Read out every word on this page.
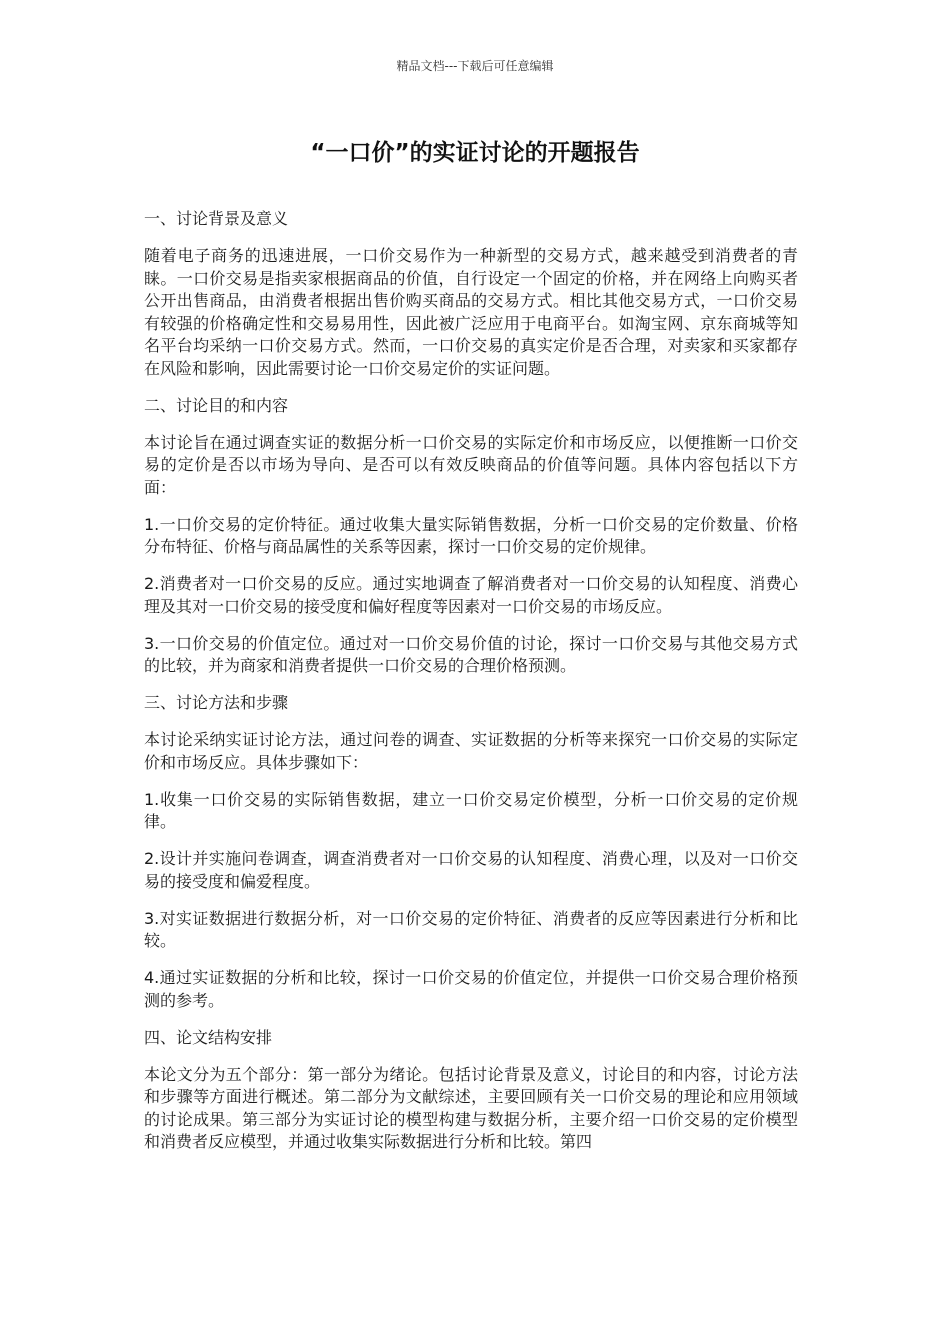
精品文档---下载后可任意编辑
“一口价”的实证讨论的开题报告

一、讨论背景及意义

随着电子商务的迅速进展，一口价交易作为一种新型的交易方式，越来越受到消费者的青睐。一口价交易是指卖家根据商品的价值，自行设定一个固定的价格，并在网络上向购买者公开出售商品，由消费者根据出售价购买商品的交易方式。相比其他交易方式，一口价交易有较强的价格确定性和交易易用性，因此被广泛应用于电商平台。如淘宝网、京东商城等知名平台均采纳一口价交易方式。然而，一口价交易的真实定价是否合理，对卖家和买家都存在风险和影响，因此需要讨论一口价交易定价的实证问题。

二、讨论目的和内容

本讨论旨在通过调查实证的数据分析一口价交易的实际定价和市场反应，以便推断一口价交易的定价是否以市场为导向、是否可以有效反映商品的价值等问题。具体内容包括以下方面：

1.一口价交易的定价特征。通过收集大量实际销售数据，分析一口价交易的定价数量、价格分布特征、价格与商品属性的关系等因素，探讨一口价交易的定价规律。

2.消费者对一口价交易的反应。通过实地调查了解消费者对一口价交易的认知程度、消费心理及其对一口价交易的接受度和偏好程度等因素对一口价交易的市场反应。

3.一口价交易的价值定位。通过对一口价交易价值的讨论，探讨一口价交易与其他交易方式的比较，并为商家和消费者提供一口价交易的合理价格预测。

三、讨论方法和步骤

本讨论采纳实证讨论方法，通过问卷的调查、实证数据的分析等来探究一口价交易的实际定价和市场反应。具体步骤如下：

1.收集一口价交易的实际销售数据，建立一口价交易定价模型，分析一口价交易的定价规律。

2.设计并实施问卷调查，调查消费者对一口价交易的认知程度、消费心理，以及对一口价交易的接受度和偏爱程度。

3.对实证数据进行数据分析，对一口价交易的定价特征、消费者的反应等因素进行分析和比较。

4.通过实证数据的分析和比较，探讨一口价交易的价值定位，并提供一口价交易合理价格预测的参考。

四、论文结构安排

本论文分为五个部分：第一部分为绪论。包括讨论背景及意义，讨论目的和内容，讨论方法和步骤等方面进行概述。第二部分为文献综述，主要回顾有关一口价交易的理论和应用领域的讨论成果。第三部分为实证讨论的模型构建与数据分析，主要介绍一口价交易的定价模型和消费者反应模型，并通过收集实际数据进行分析和比较。第四
